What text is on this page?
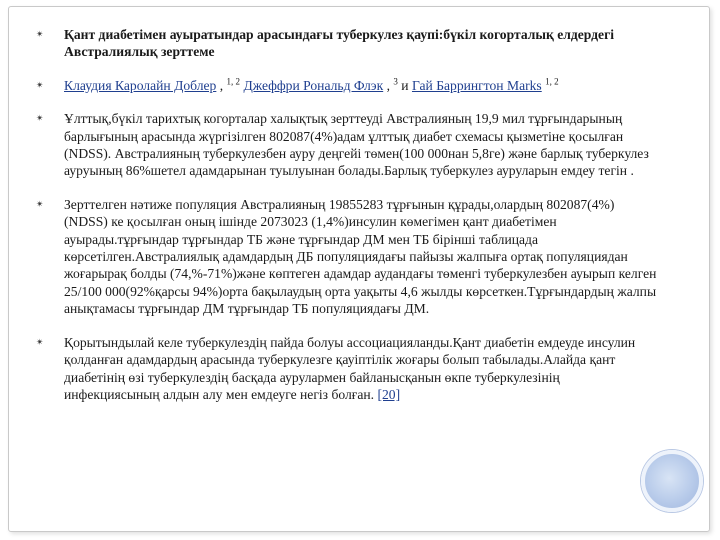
✴ Қант диабетімен ауыратындар арасындағы туберкулез қаупі:бүкіл когорталық елдердегі Австралиялық зерттеме
✴ Клаудия Каролайн Доблер , $^{1, 2}$ Джеффри Рональд Флэк , $^3$ и Гай Баррингтон Marks $^{1, 2}$
✴ Ұлттық,бүкіл тарихтық когорталар халықтық зерттеуді Австралияның 19,9 мил тұрғындарының барлығының арасында жүргізілген 802087(4%)адам ұлттық диабет схемасы қызметіне қосылған (NDSS). Австралияның туберкулезбен ауру деңгейі төмен(100 000нан 5,8ге) және барлық туберкулез ауруының 86%шетел адамдарынан туылуынан болады.Барлық туберкулез ауруларын емдеу тегін .
✴ Зерттелген нәтиже популяция Австралияның 19855283 тұрғынын құрады,олардың 802087(4%) (NDSS) ке қосылған оның ішінде 2073023 (1,4%)инсулин көмегімен қант диабетімен ауырады.тұрғындар тұрғындар ТБ және тұрғындар ДМ мен ТБ бірінші таблицада көрсетілген.Австралиялық адамдардың ДБ популяциядағы пайызы жалпыға ортақ популяциядан жоғарырақ болды (74,%-71%)және көптеген адамдар аудандағы төменгі туберкулезбен ауырып келген 25/100 000(92%қарсы 94%)орта бақылаудың орта уақыты 4,6 жылды көрсеткен.Тұрғындардың жалпы анықтамасы тұрғындар ДМ тұрғындар ТБ популяциядағы ДМ.
✴ Қорытындылай келе туберкулездің пайда болуы ассоциацияланды.Қант диабетін емдеуде инсулин қолданған адамдардың арасында туберкулезге қауіптілік жоғары болып табылады.Алайда қант диабетінің өзі туберкулездің басқада аурулармен байланысқанын өкпе туберкулезінің инфекциясының алдын алу мен емдеуге негіз болған. [20]
